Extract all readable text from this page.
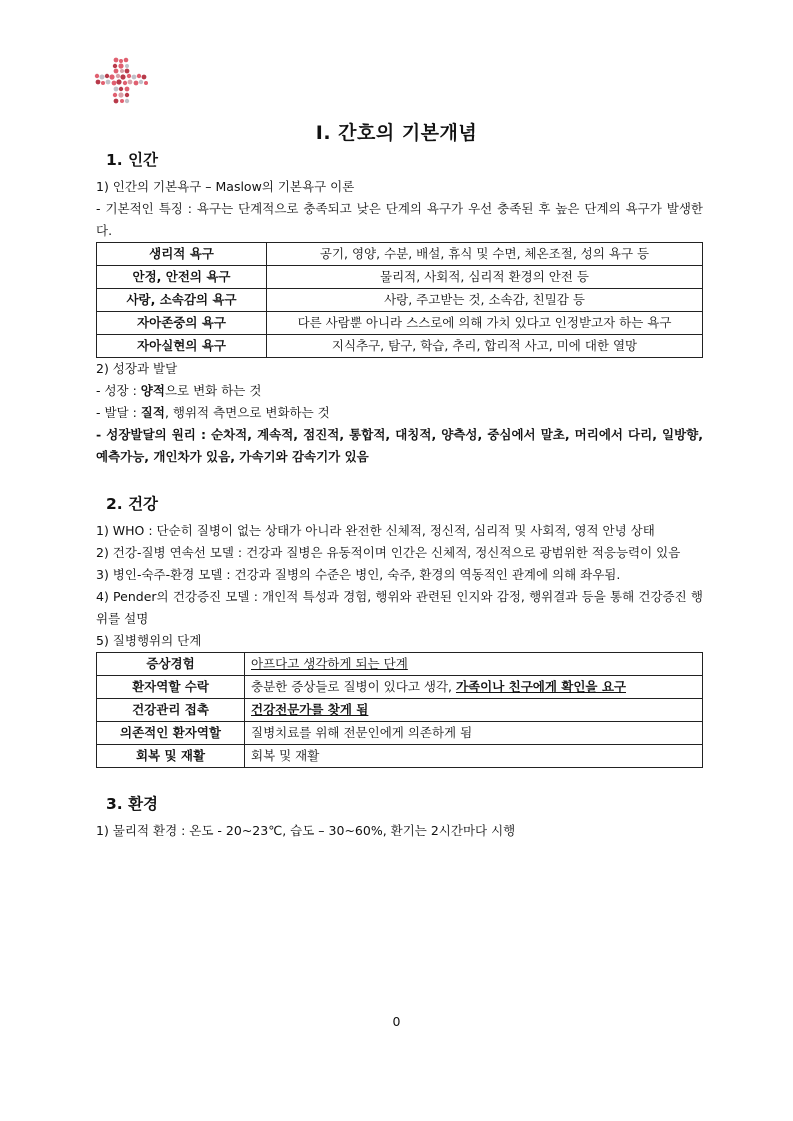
Ⅰ. 간호의 기본개념
1. 인간

1) 인간의 기본욕구 – Maslow의 기본욕구 이론

- 기본적인 특징 : 욕구는 단계적으로 충족되고 낮은 단계의 욕구가 우선 충족된 후 높은 단계의 욕구가 발생한다.

생리적 욕구	공기, 영양, 수분, 배설, 휴식 및 수면, 체온조절, 성의 욕구 등
안정, 안전의 욕구	물리적, 사회적, 심리적 환경의 안전 등
사랑, 소속감의 욕구	사랑, 주고받는 것, 소속감, 친밀감 등
자아존중의 욕구	다른 사람뿐 아니라 스스로에 의해 가치 있다고 인정받고자 하는 욕구
자아실현의 욕구	지식추구, 탐구, 학습, 추리, 합리적 사고, 미에 대한 열망

2) 성장과 발달

- 성장 : 양적으로 변화 하는 것

- 발달 : 질적, 행위적 측면으로 변화하는 것

- 성장발달의 원리 : 순차적, 계속적, 점진적, 통합적, 대칭적, 양측성, 중심에서 말초, 머리에서 다리, 일방향, 예측가능, 개인차가 있음, 가속기와 감속기가 있음

2. 건강

1) WHO : 단순히 질병이 없는 상태가 아니라 완전한 신체적, 정신적, 심리적 및 사회적, 영적 안녕 상태

2) 건강-질병 연속선 모델 : 건강과 질병은 유동적이며 인간은 신체적, 정신적으로 광범위한 적응능력이 있음

3) 병인-숙주-환경 모델 : 건강과 질병의 수준은 병인, 숙주, 환경의 역동적인 관계에 의해 좌우됨.

4) Pender의 건강증진 모델 : 개인적 특성과 경험, 행위와 관련된 인지와 감정, 행위결과 등을 통해 건강증진 행위를 설명

5) 질병행위의 단계

증상경험	아프다고 생각하게 되는 단계
환자역할 수락	충분한 증상들로 질병이 있다고 생각, 가족이나 친구에게 확인을 요구
건강관리 접촉	건강전문가를 찾게 됨
의존적인 환자역할	질병치료를 위해 전문인에게 의존하게 됨
회복 및 재활	회복 및 재활
3. 환경

1) 물리적 환경 : 온도 - 20~23℃, 습도 – 30~60%, 환기는 2시간마다 시행

0
